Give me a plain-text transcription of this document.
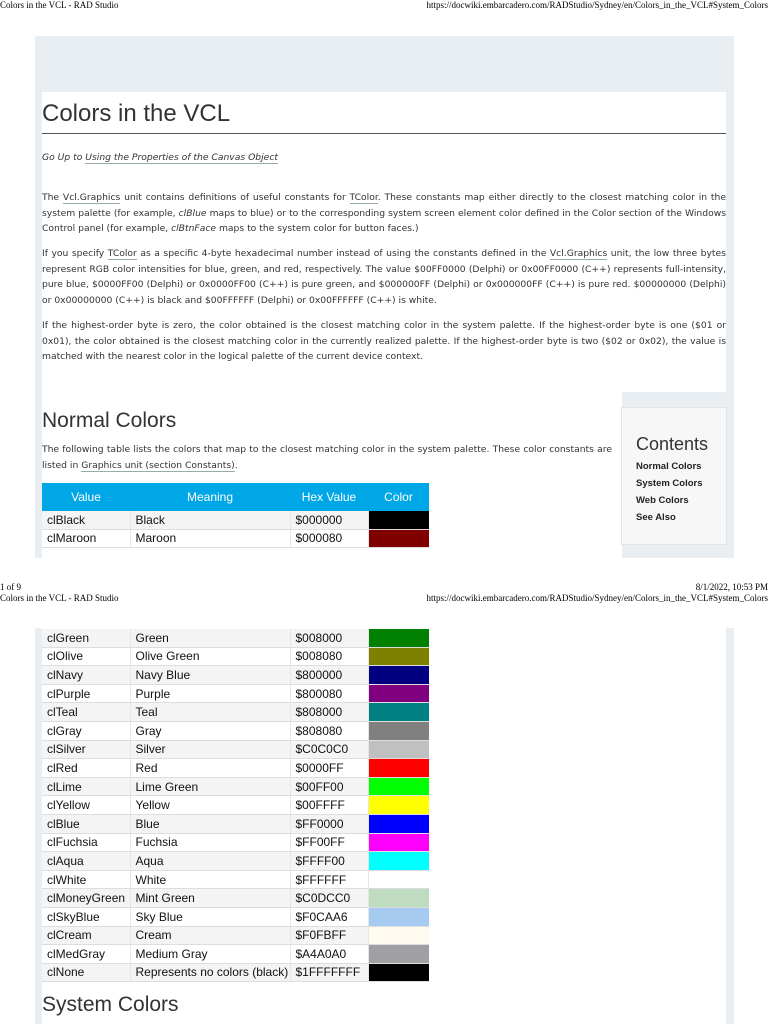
Colors in the VCL - RAD Studio	https://docwiki.embarcadero.com/RADStudio/Sydney/en/Colors_in_the_VCL#System_Colors
Colors in the VCL

Go Up to Using the Properties of the Canvas Object

The Vcl.Graphics unit contains definitions of useful constants for TColor. These constants map either directly to the closest matching color in the system palette (for example, clBlue maps to blue) or to the corresponding system screen element color defined in the Color section of the Windows Control panel (for example, clBtnFace maps to the system color for button faces.)

If you specify TColor as a specific 4-byte hexadecimal number instead of using the constants defined in the Vcl.Graphics unit, the low three bytes represent RGB color intensities for blue, green, and red, respectively. The value $00FF0000 (Delphi) or 0x00FF0000 (C++) represents full-intensity, pure blue, $0000FF00 (Delphi) or 0x0000FF00 (C++) is pure green, and $000000FF (Delphi) or 0x000000FF (C++) is pure red. $00000000 (Delphi) or 0x00000000 (C++) is black and $00FFFFFF (Delphi) or 0x00FFFFFF (C++) is white.

If the highest-order byte is zero, the color obtained is the closest matching color in the system palette. If the highest-order byte is one ($01 or 0x01), the color obtained is the closest matching color in the currently realized palette. If the highest-order byte is two ($02 or 0x02), the value is matched with the nearest color in the logical palette of the current device context.

Normal Colors

The following table lists the colors that map to the closest matching color in the system palette. These color constants are listed in Graphics unit (section Constants).

Value	Meaning	Hex Value	Color
clBlack	Black	$000000	
clMaroon	Maroon	$000080	
Contents
Normal Colors
System Colors
Web Colors
See Also
1 of 9	8/1/2022, 10:53 PM
Colors in the VCL - RAD Studio	https://docwiki.embarcadero.com/RADStudio/Sydney/en/Colors_in_the_VCL#System_Colors
clGreen	Green	$008000	
clOlive	Olive Green	$008080	
clNavy	Navy Blue	$800000	
clPurple	Purple	$800080	
clTeal	Teal	$808000	
clGray	Gray	$808080	
clSilver	Silver	$C0C0C0	
clRed	Red	$0000FF	
clLime	Lime Green	$00FF00	
clYellow	Yellow	$00FFFF	
clBlue	Blue	$FF0000	
clFuchsia	Fuchsia	$FF00FF	
clAqua	Aqua	$FFFF00	
clWhite	White	$FFFFFF	
clMoneyGreen	Mint Green	$C0DCC0	
clSkyBlue	Sky Blue	$F0CAA6	
clCream	Cream	$F0FBFF	
clMedGray	Medium Gray	$A4A0A0	
clNone	Represents no colors (black)	$1FFFFFFF	
System Colors
